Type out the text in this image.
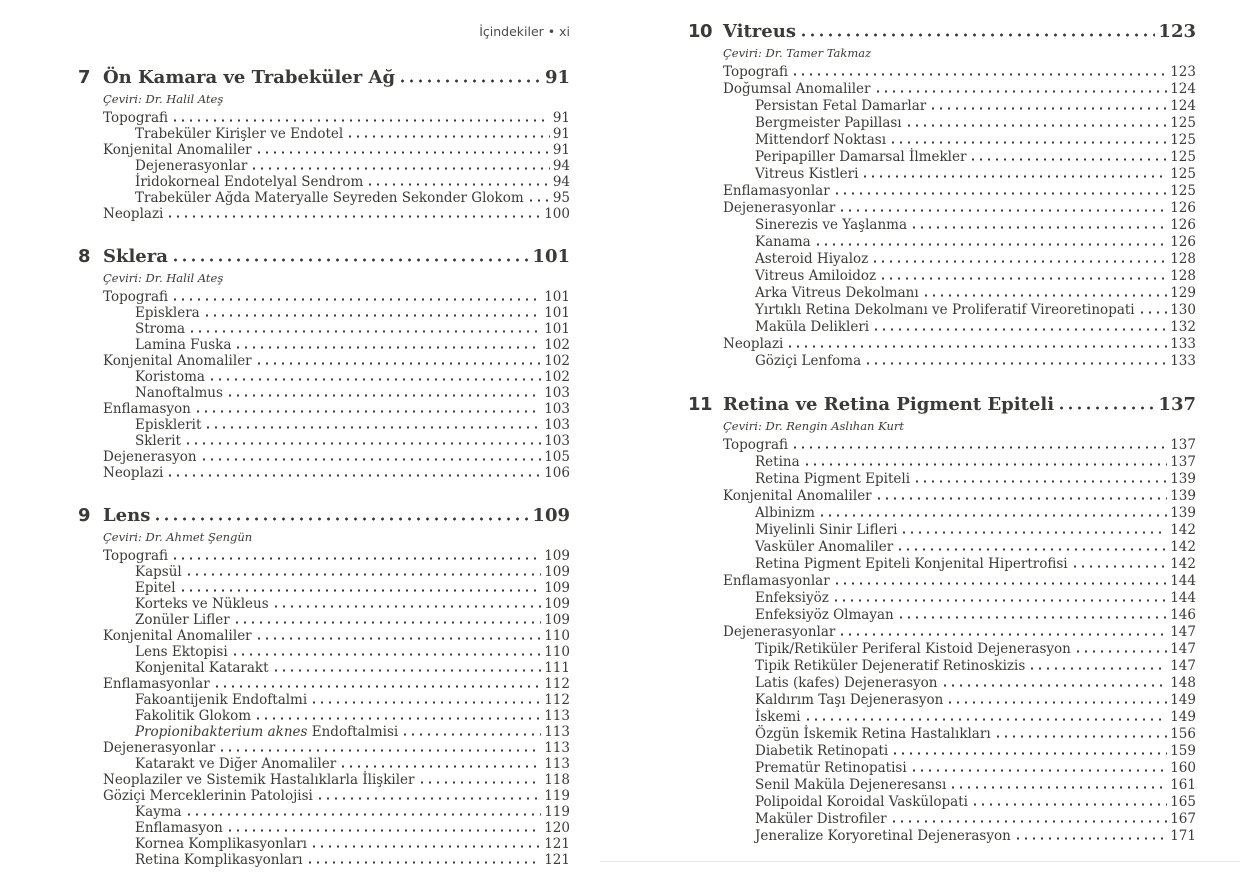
İçindekiler • xi
7 Ön Kamara ve Trabeküler Ağ	91
Çeviri: Dr. Halil Ateş
Topografi	91
Trabeküler Kirişler ve Endotel	91
Konjenital Anomaliler	91
Dejenerasyonlar	94
İridokorneal Endotelyal Sendrom	94
Trabeküler Ağda Materyalle Seyreden Sekonder Glokom 95
Neoplazi	100
8 Sklera	101
Çeviri: Dr. Halil Ateş
Topografi	101
Episklera	101
Stroma	101
Lamina Fuska	102
Konjenital Anomaliler	102
Koristoma	102
Nanoftalmus	103
Enflamasyon	103
Episklerit	103
Sklerit	103
Dejenerasyon	105
Neoplazi	106
9 Lens	109
Çeviri: Dr. Ahmet Şengün
Topografi	109
Kapsül	109
Epitel	109
Korteks ve Nükleus	109
Zonüler Lifler	109
Konjenital Anomaliler	110
Lens Ektopisi	110
Konjenital Katarakt	111
Enflamasyonlar	112
Fakoantijenik Endoftalmi	112
Fakolitik Glokom	113
Propionibakterium aknes Endoftalmisi	113
Dejenerasyonlar	113
Katarakt ve Diğer Anomaliler	113
Neoplaziler ve Sistemik Hastalıklarla İlişkiler	118
Göziçi Merceklerinin Patolojisi	119
Kayma	119
Enflamasyon	120
Kornea Komplikasyonları	121
Retina Komplikasyonları	121
10 Vitreus	123
Çeviri: Dr. Tamer Takmaz
Topografi	123
Doğumsal Anomaliler	124
Persistan Fetal Damarlar	124
Bergmeister Papillası	125
Mittendorf Noktası	125
Peripapiller Damarsal İlmekler	125
Vitreus Kistleri	125
Enflamasyonlar	125
Dejenerasyonlar	126
Sinerezis ve Yaşlanma	126
Kanama	126
Asteroid Hiyaloz	128
Vitreus Amiloidoz	128
Arka Vitreus Dekolmanı	129
Yırtıklı Retina Dekolmanı ve Proliferatif Vireoretinopati	130
Maküla Delikleri	132
Neoplazi	133
Göziçi Lenfoma	133
11 Retina ve Retina Pigment Epiteli	137
Çeviri: Dr. Rengin Aslıhan Kurt
Topografi	137
Retina	137
Retina Pigment Epiteli	139
Konjenital Anomaliler	139
Albinizm	139
Miyelinli Sinir Lifleri	142
Vasküler Anomaliler	142
Retina Pigment Epiteli Konjenital Hipertrofisi	142
Enflamasyonlar	144
Enfeksiyöz	144
Enfeksiyöz Olmayan	146
Dejenerasyonlar	147
Tipik/Retiküler Periferal Kistoid Dejenerasyon	147
Tipik Retiküler Dejeneratif Retinoskizis	147
Latis (kafes) Dejenerasyon	148
Kaldırım Taşı Dejenerasyon	149
İskemi	149
Özgün İskemik Retina Hastalıkları	156
Diabetik Retinopati	159
Prematür Retinopatisi	160
Senil Maküla Dejeneresansı	161
Polipoidal Koroidal Vaskülopati	165
Maküler Distrofiler	167
Jeneralize Koryoretinal Dejenerasyon	171
